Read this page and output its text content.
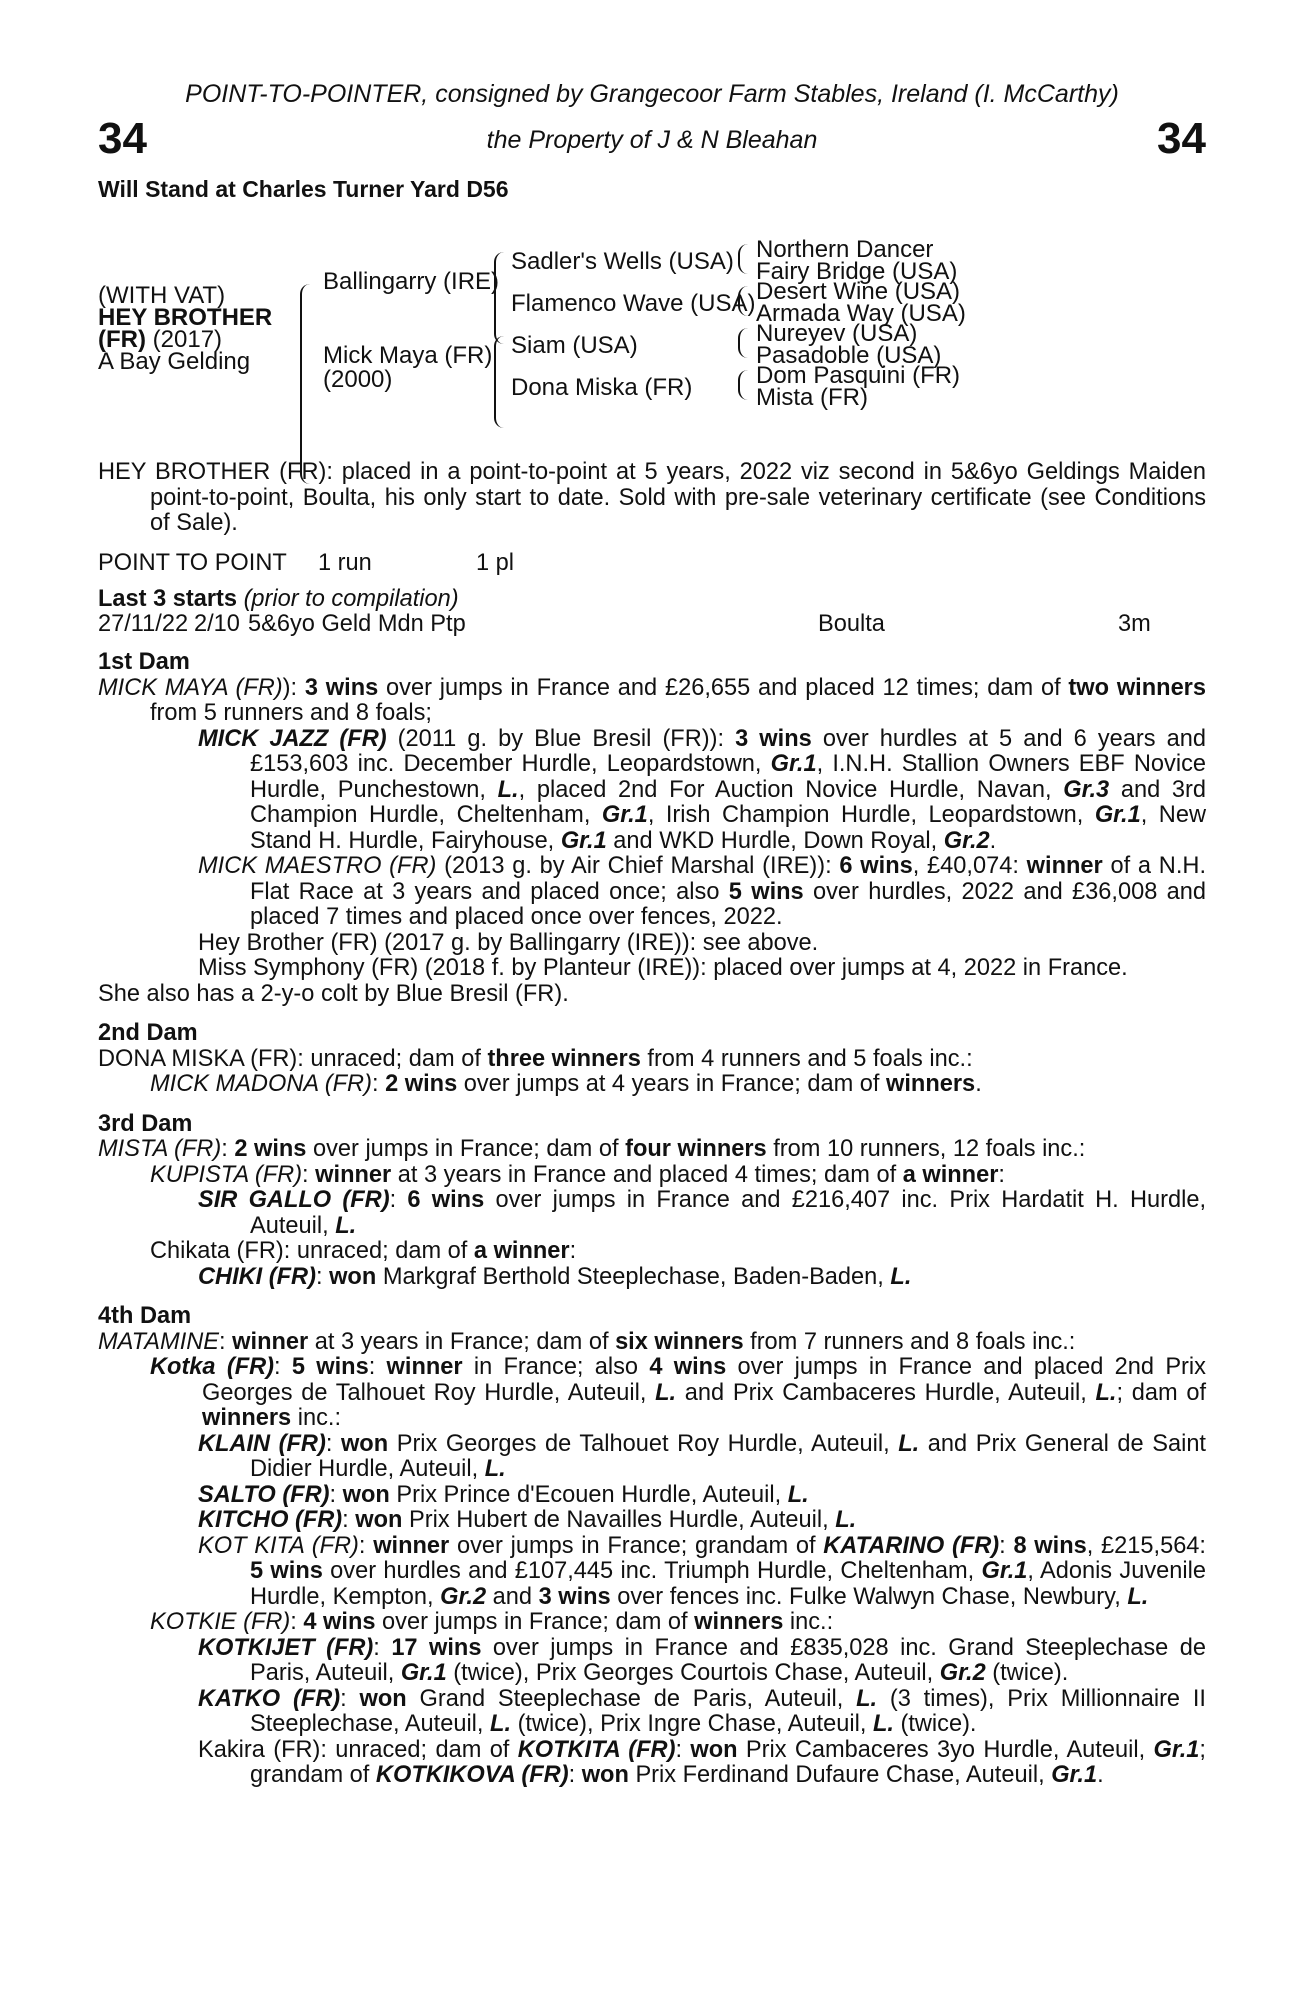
POINT-TO-POINTER, consigned by Grangecoor Farm Stables, Ireland (I. McCarthy)
34	the Property of J & N Bleahan	34
Will Stand at Charles Turner Yard D56
(WITH VAT)
HEY BROTHER
(FR) (2017)
A Bay Gelding
Ballingarry (IRE)
Mick Maya (FR)
(2000)
Sadler's Wells (USA)
Flamenco Wave (USA)
Siam (USA)
Dona Miska (FR)
Northern Dancer
Fairy Bridge (USA)
Desert Wine (USA)
Armada Way (USA)
Nureyev (USA)
Pasadoble (USA)
Dom Pasquini (FR)
Mista (FR)

HEY BROTHER (FR): placed in a point-to-point at 5 years, 2022 viz second in 5&6yo Geldings Maiden point-to-point, Boulta, his only start to date. Sold with pre-sale veterinary certificate (see Conditions of Sale).

POINT TO POINT 1 run	1 pl

Last 3 starts (prior to compilation)

27/11/22 2/10 5&6yo Geld Mdn Ptp	Boulta	3m

1st Dam

MICK MAYA (FR)): 3 wins over jumps in France and £26,655 and placed 12 times; dam of two winners from 5 runners and 8 foals;

MICK JAZZ (FR) (2011 g. by Blue Bresil (FR)): 3 wins over hurdles at 5 and 6 years and £153,603 inc. December Hurdle, Leopardstown, Gr.1, I.N.H. Stallion Owners EBF Novice Hurdle, Punchestown, L., placed 2nd For Auction Novice Hurdle, Navan, Gr.3 and 3rd Champion Hurdle, Cheltenham, Gr.1, Irish Champion Hurdle, Leopardstown, Gr.1, New Stand H. Hurdle, Fairyhouse, Gr.1 and WKD Hurdle, Down Royal, Gr.2.

MICK MAESTRO (FR) (2013 g. by Air Chief Marshal (IRE)): 6 wins, £40,074: winner of a N.H. Flat Race at 3 years and placed once; also 5 wins over hurdles, 2022 and £36,008 and placed 7 times and placed once over fences, 2022.

Hey Brother (FR) (2017 g. by Ballingarry (IRE)): see above.

Miss Symphony (FR) (2018 f. by Planteur (IRE)): placed over jumps at 4, 2022 in France.

She also has a 2-y-o colt by Blue Bresil (FR).

2nd Dam

DONA MISKA (FR): unraced; dam of three winners from 4 runners and 5 foals inc.:

MICK MADONA (FR): 2 wins over jumps at 4 years in France; dam of winners.

3rd Dam

MISTA (FR): 2 wins over jumps in France; dam of four winners from 10 runners, 12 foals inc.:

KUPISTA (FR): winner at 3 years in France and placed 4 times; dam of a winner:

SIR GALLO (FR): 6 wins over jumps in France and £216,407 inc. Prix Hardatit H. Hurdle, Auteuil, L.

Chikata (FR): unraced; dam of a winner:

CHIKI (FR): won Markgraf Berthold Steeplechase, Baden-Baden, L.

4th Dam

MATAMINE: winner at 3 years in France; dam of six winners from 7 runners and 8 foals inc.:

Kotka (FR): 5 wins: winner in France; also 4 wins over jumps in France and placed 2nd Prix Georges de Talhouet Roy Hurdle, Auteuil, L. and Prix Cambaceres Hurdle, Auteuil, L.; dam of winners inc.:

KLAIN (FR): won Prix Georges de Talhouet Roy Hurdle, Auteuil, L. and Prix General de Saint Didier Hurdle, Auteuil, L.

SALTO (FR): won Prix Prince d'Ecouen Hurdle, Auteuil, L.

KITCHO (FR): won Prix Hubert de Navailles Hurdle, Auteuil, L.

KOT KITA (FR): winner over jumps in France; grandam of KATARINO (FR): 8 wins, £215,564: 5 wins over hurdles and £107,445 inc. Triumph Hurdle, Cheltenham, Gr.1, Adonis Juvenile Hurdle, Kempton, Gr.2 and 3 wins over fences inc. Fulke Walwyn Chase, Newbury, L.

KOTKIE (FR): 4 wins over jumps in France; dam of winners inc.:

KOTKIJET (FR): 17 wins over jumps in France and £835,028 inc. Grand Steeplechase de Paris, Auteuil, Gr.1 (twice), Prix Georges Courtois Chase, Auteuil, Gr.2 (twice).

KATKO (FR): won Grand Steeplechase de Paris, Auteuil, L. (3 times), Prix Millionnaire II Steeplechase, Auteuil, L. (twice), Prix Ingre Chase, Auteuil, L. (twice).

Kakira (FR): unraced; dam of KOTKITA (FR): won Prix Cambaceres 3yo Hurdle, Auteuil, Gr.1; grandam of KOTKIKOVA (FR): won Prix Ferdinand Dufaure Chase, Auteuil, Gr.1.
